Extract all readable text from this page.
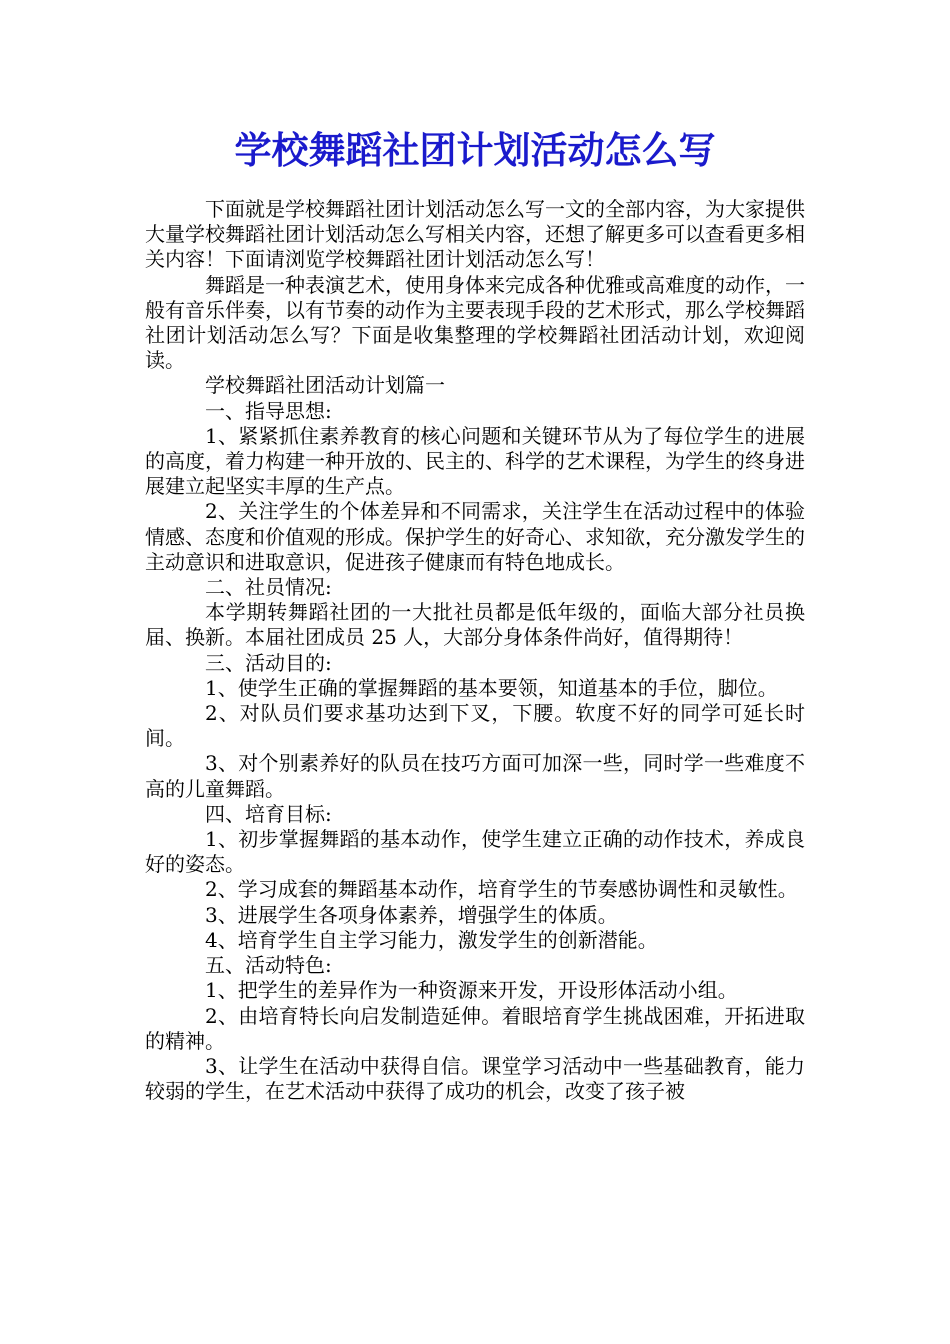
学校舞蹈社团计划活动怎么写

下面就是学校舞蹈社团计划活动怎么写一文的全部内容，为大家提供大量学校舞蹈社团计划活动怎么写相关内容，还想了解更多可以查看更多相关内容！下面请浏览学校舞蹈社团计划活动怎么写！

舞蹈是一种表演艺术，使用身体来完成各种优雅或高难度的动作，一般有音乐伴奏，以有节奏的动作为主要表现手段的艺术形式，那么学校舞蹈社团计划活动怎么写？下面是收集整理的学校舞蹈社团活动计划，欢迎阅读。

学校舞蹈社团活动计划篇一

一、指导思想:

1、紧紧抓住素养教育的核心问题和关键环节从为了每位学生的进展的高度，着力构建一种开放的、民主的、科学的艺术课程，为学生的终身进展建立起坚实丰厚的生产点。

2、关注学生的个体差异和不同需求，关注学生在活动过程中的体验情感、态度和价值观的形成。保护学生的好奇心、求知欲，充分激发学生的主动意识和进取意识，促进孩子健康而有特色地成长。

二、社员情况:

本学期转舞蹈社团的一大批社员都是低年级的，面临大部分社员换届、换新。本届社团成员 25 人，大部分身体条件尚好，值得期待！

三、活动目的:

1、使学生正确的掌握舞蹈的基本要领，知道基本的手位，脚位。

2、对队员们要求基功达到下叉，下腰。软度不好的同学可延长时间。

3、对个别素养好的队员在技巧方面可加深一些，同时学一些难度不高的儿童舞蹈。

四、培育目标:

1、初步掌握舞蹈的基本动作，使学生建立正确的动作技术，养成良好的姿态。

2、学习成套的舞蹈基本动作，培育学生的节奏感协调性和灵敏性。

3、进展学生各项身体素养，增强学生的体质。

4、培育学生自主学习能力，激发学生的创新潜能。

五、活动特色:

1、把学生的差异作为一种资源来开发，开设形体活动小组。

2、由培育特长向启发制造延伸。着眼培育学生挑战困难，开拓进取的精神。

3、让学生在活动中获得自信。课堂学习活动中一些基础教育，能力较弱的学生，在艺术活动中获得了成功的机会，改变了孩子被
